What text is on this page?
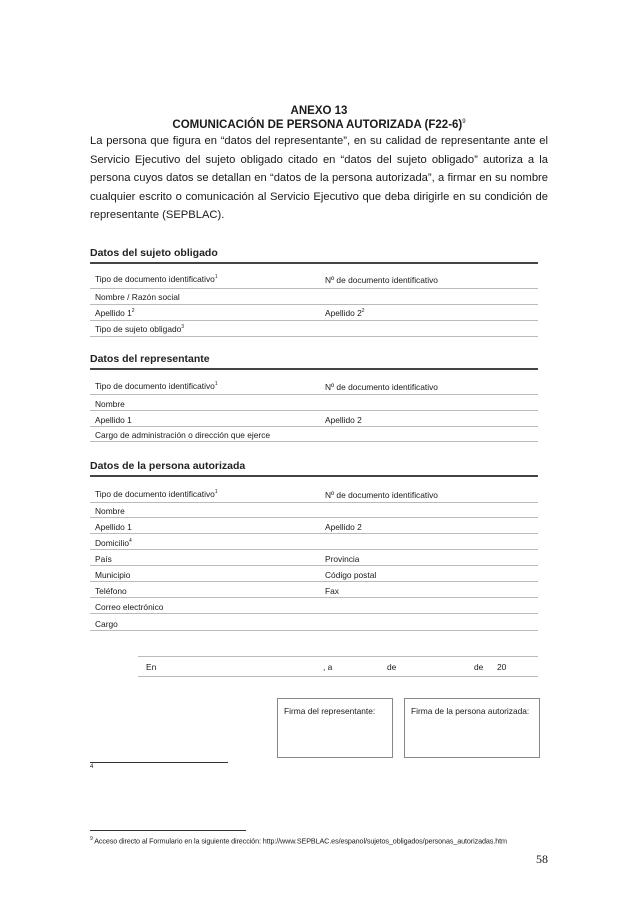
ANEXO 13
COMUNICACIÓN DE PERSONA AUTORIZADA $(F22-6)^9$
La persona que figura en “datos del representante”, en su calidad de representante ante el Servicio Ejecutivo del sujeto obligado citado en “datos del sujeto obligado” autoriza a la persona cuyos datos se detallan en “datos de la persona autorizada”, a firmar en su nombre cualquier escrito o comunicación al Servicio Ejecutivo que deba dirigirle en su condición de representante (SEPBLAC).
Datos del sujeto obligado
Tipo de documento identificativo$^1$	Nº de documento identificativo
Nombre / Razón social
Apellido $1^2$	Apellido $2^2$
Tipo de sujeto obligado$^3$
Datos del representante
Tipo de documento identificativo$^1$	Nº de documento identificativo
Nombre
Apellido 1	Apellido 2
Cargo de administración o dirección que ejerce
Datos de la persona autorizada
Tipo de documento identificativo$^1$	Nº de documento identificativo
Nombre
Apellido 1	Apellido 2
Domicilio$^4$
País	Provincia
Municipio	Código postal
Teléfono	Fax
Correo electrónico
Cargo
En	, a	de	de 20
Firma del representante:	Firma de la persona autorizada:
4
$^9$ Acceso directo al Formulario en la siguiente dirección: http://www.SEPBLAC.es/espanol/sujetos_obligados/personas_autorizadas.htm
58
